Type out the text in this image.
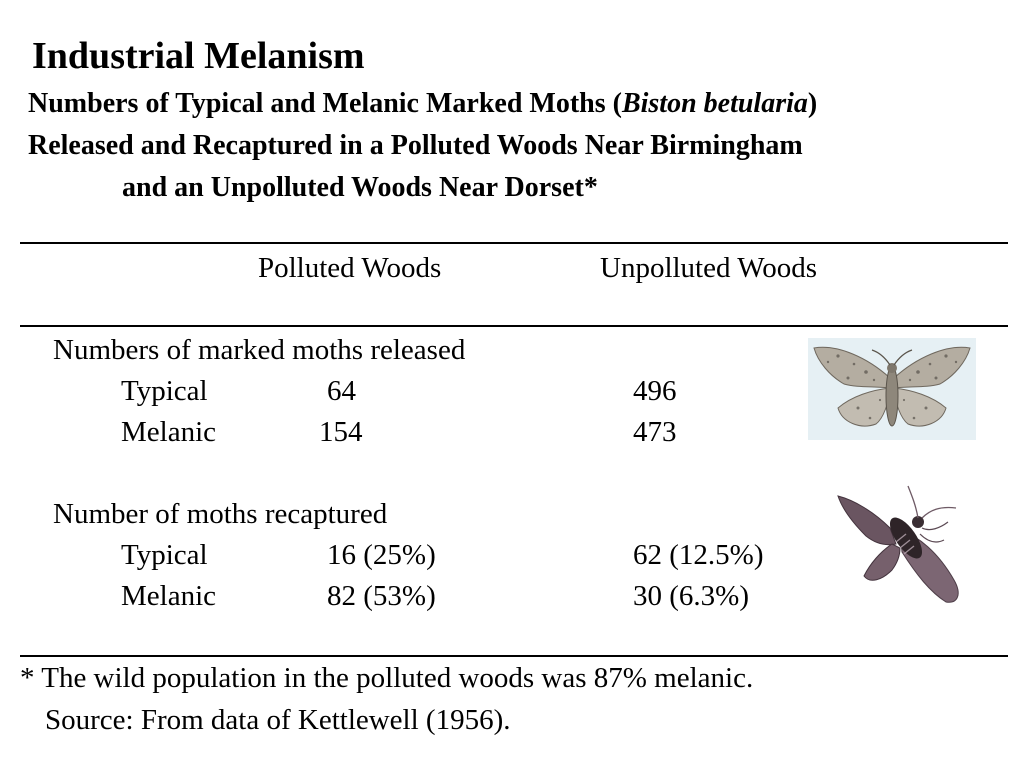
Industrial Melanism
Numbers of Typical and Melanic Marked Moths (Biston betularia)
Released and Recaptured in a Polluted Woods Near Birmingham
and an Unpolluted Woods Near Dorset*
Polluted Woods	Unpolluted Woods
Numbers of marked moths released
Typical	64	496
Melanic	154	473
Number of moths recaptured
Typical	16 (25%)	62 (12.5%)
Melanic	82 (53%)	30 (6.3%)
* The wild population in the polluted woods was 87% melanic.
Source: From data of Kettlewell (1956).
